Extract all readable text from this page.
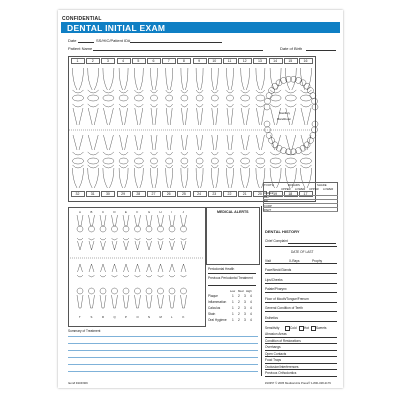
CONFIDENTIAL
DENTAL INITIAL EXAM
Date	SS/HIC/Patient ID#
Patient Name	Date of Birth
Maxillary
Mandibular
MEDICAL ALERTS
Periodontal Health
Previous Periodontal Treatment
Summary of Treatment
DENTAL HISTORY
Chief Complaint
DATE OF LAST
Visit	X-Rays	Prophy
Sensitivity	Cold Hot Sweets
Item# D1DF909	#10357 © 2005 Medical Arts Press® 1-800-328-2179
1	2	3	4	5	6	7	8	9	10	11	12	13	14	15	16
32	31	30	29	28	27	26	25	24	23	22	21	20	19	18	17
TOOTH	MOLARS	SHADE
UPPER LOWER UPPER LOWER
ANGLE
ART
BR
CURP
PART
A	B	C	D	E	F	G	H	I	J
T	S	R	Q	P	O	N	M	L	K
Low Med High
Plaque	1 2 3 4
Inflammation 1 2 3 4
Calculus	1 2 3 4
Stain	1 2 3 4
Oral Hygiene 1 2 3 4
Face/Neck/Glands
Lips/Cheeks
Palate/Pharynx
Floor of Mouth/Tongue/Frenum
General Condition of Teeth
Esthetics
Abrasion Areas
Condition of Restorations
Overhangs
Open Contacts
Food Traps
Occlusion/Interferences
Previous Orthodontics
